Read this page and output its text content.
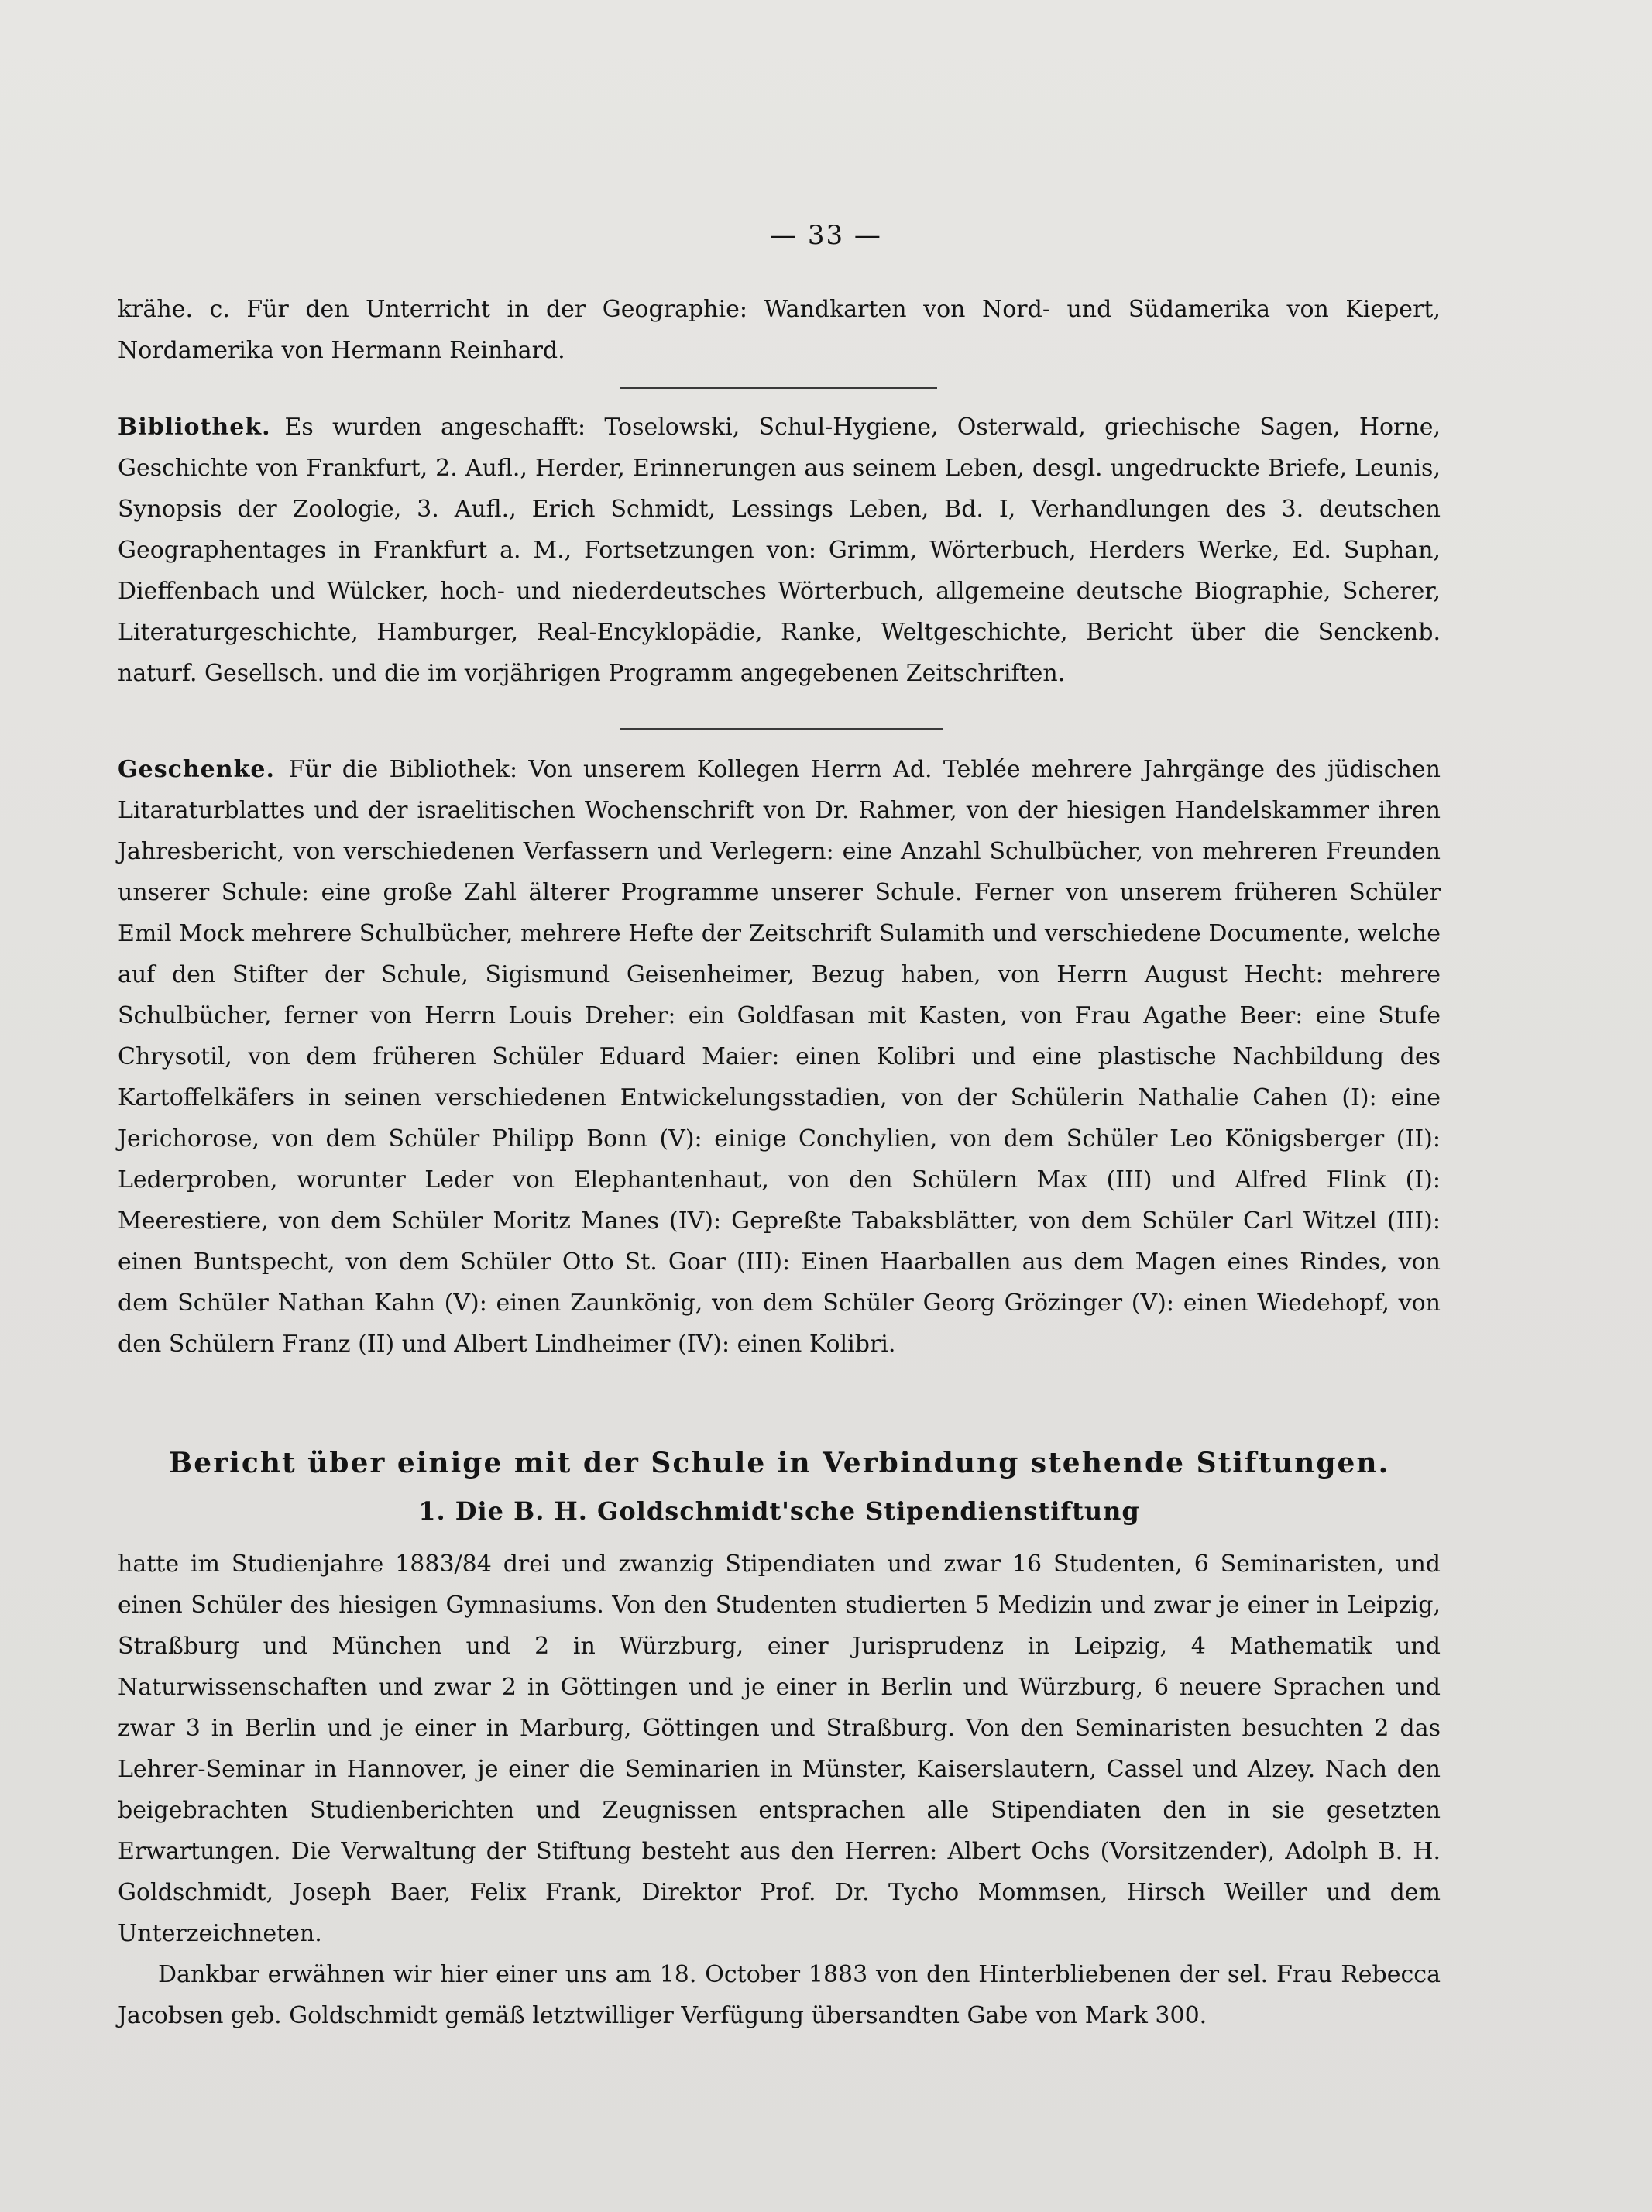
— 33 —

krähe. c. Für den Unterricht in der Geographie: Wandkarten von Nord- und Südamerika von Kiepert, Nordamerika von Hermann Reinhard.

Bibliothek. Es wurden angeschafft: Toselowski, Schul-Hygiene, Osterwald, griechische Sagen, Horne, Geschichte von Frankfurt, 2. Aufl., Herder, Erinnerungen aus seinem Leben, desgl. ungedruckte Briefe, Leunis, Synopsis der Zoologie, 3. Aufl., Erich Schmidt, Lessings Leben, Bd. I, Verhandlungen des 3. deutschen Geographentages in Frankfurt a. M., Fortsetzungen von: Grimm, Wörterbuch, Herders Werke, Ed. Suphan, Dieffenbach und Wülcker, hoch- und niederdeutsches Wörterbuch, allgemeine deutsche Biographie, Scherer, Literaturgeschichte, Hamburger, Real-Encyklopädie, Ranke, Weltgeschichte, Bericht über die Senckenb. naturf. Gesellsch. und die im vorjährigen Programm angegebenen Zeitschriften.

Geschenke. Für die Bibliothek: Von unserem Kollegen Herrn Ad. Teblée mehrere Jahrgänge des jüdischen Litaraturblattes und der israelitischen Wochenschrift von Dr. Rahmer, von der hiesigen Handelskammer ihren Jahresbericht, von verschiedenen Verfassern und Verlegern: eine Anzahl Schulbücher, von mehreren Freunden unserer Schule: eine große Zahl älterer Programme unserer Schule. Ferner von unserem früheren Schüler Emil Mock mehrere Schulbücher, mehrere Hefte der Zeitschrift Sulamith und verschiedene Documente, welche auf den Stifter der Schule, Sigismund Geisenheimer, Bezug haben, von Herrn August Hecht: mehrere Schulbücher, ferner von Herrn Louis Dreher: ein Goldfasan mit Kasten, von Frau Agathe Beer: eine Stufe Chrysotil, von dem früheren Schüler Eduard Maier: einen Kolibri und eine plastische Nachbildung des Kartoffelkäfers in seinen verschiedenen Entwickelungsstadien, von der Schülerin Nathalie Cahen (I): eine Jerichorose, von dem Schüler Philipp Bonn (V): einige Conchylien, von dem Schüler Leo Königsberger (II): Lederproben, worunter Leder von Elephantenhaut, von den Schülern Max (III) und Alfred Flink (I): Meerestiere, von dem Schüler Moritz Manes (IV): Gepreßte Tabaksblätter, von dem Schüler Carl Witzel (III): einen Buntspecht, von dem Schüler Otto St. Goar (III): Einen Haarballen aus dem Magen eines Rindes, von dem Schüler Nathan Kahn (V): einen Zaunkönig, von dem Schüler Georg Grözinger (V): einen Wiedehopf, von den Schülern Franz (II) und Albert Lindheimer (IV): einen Kolibri.

Bericht über einige mit der Schule in Verbindung stehende Stiftungen.
1. Die B. H. Goldschmidt'sche Stipendienstiftung

hatte im Studienjahre 1883/84 drei und zwanzig Stipendiaten und zwar 16 Studenten, 6 Seminaristen, und einen Schüler des hiesigen Gymnasiums. Von den Studenten studierten 5 Medizin und zwar je einer in Leipzig, Straßburg und München und 2 in Würzburg, einer Jurisprudenz in Leipzig, 4 Mathematik und Naturwissenschaften und zwar 2 in Göttingen und je einer in Berlin und Würzburg, 6 neuere Sprachen und zwar 3 in Berlin und je einer in Marburg, Göttingen und Straßburg. Von den Seminaristen besuchten 2 das Lehrer-Seminar in Hannover, je einer die Seminarien in Münster, Kaiserslautern, Cassel und Alzey. Nach den beigebrachten Studienberichten und Zeugnissen entsprachen alle Stipendiaten den in sie gesetzten Erwartungen. Die Verwaltung der Stiftung besteht aus den Herren: Albert Ochs (Vorsitzender), Adolph B. H. Goldschmidt, Joseph Baer, Felix Frank, Direktor Prof. Dr. Tycho Mommsen, Hirsch Weiller und dem Unterzeichneten.

Dankbar erwähnen wir hier einer uns am 18. October 1883 von den Hinterbliebenen der sel. Frau Rebecca Jacobsen geb. Goldschmidt gemäß letztwilliger Verfügung übersandten Gabe von Mark 300.
